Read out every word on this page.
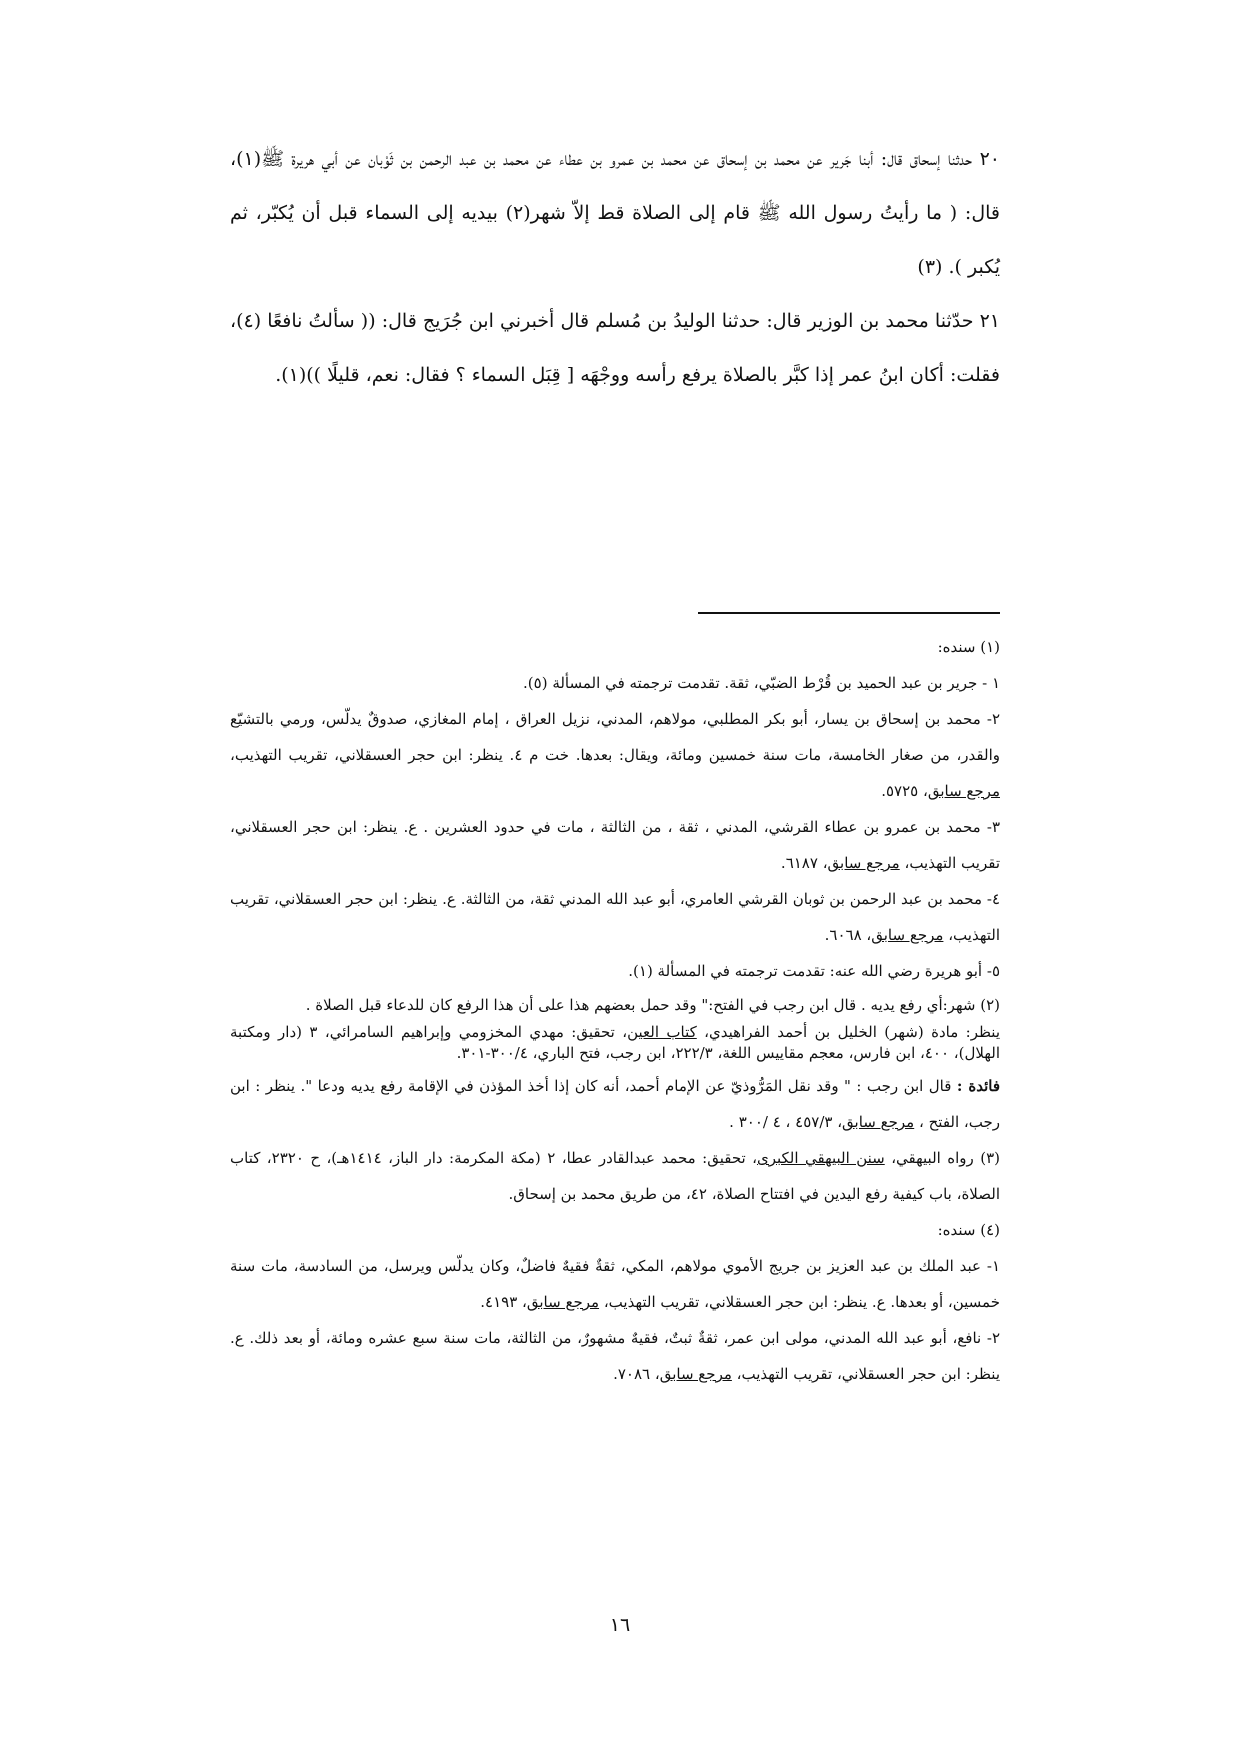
٢٠ حدثنا إسحاق قال: أبنا جَرير عن محمد بن إسحاق عن محمد بن عمرو بن عطاء عن محمد بن عبد الرحمن بن ثَوْبان عن أبي هريرة ﷺ(١)، قال: ( ما رأيتُ رسول الله ﷺ قام إلى الصلاة قط إلاّ شهر(٢) بيديه إلى السماء قبل أن يُكبّر، ثم يُكبر ). (٣)

٢١ حدّثنا محمد بن الوزير قال: حدثنا الوليدُ بن مُسلم قال أخبرني ابن جُرَيج قال: (( سألتُ نافعًا (٤)، فقلت: أكان ابنُ عمر إذا كبَّر بالصلاة يرفع رأسه ووجْهَه [ قِبَل السماء ؟ فقال: نعم، قليلًا ))(١).

(١) سنده:

١ - جرير بن عبد الحميد بن قُرْط الضبّي، ثقة. تقدمت ترجمته في المسألة (٥).

٢- محمد بن إسحاق بن يسار، أبو بكر المطلبي، مولاهم، المدني، نزيل العراق ، إمام المغازي، صدوقٌ يدلّس، ورمي بالتشيّع والقدر، من صغار الخامسة، مات سنة خمسين ومائة، ويقال: بعدها. خت م ٤. ينظر: ابن حجر العسقلاني، تقريب التهذيب، مرجع سابق، ٥٧٢٥.

٣- محمد بن عمرو بن عطاء القرشي، المدني ، ثقة ، من الثالثة ، مات في حدود العشرين . ع. ينظر: ابن حجر العسقلاني، تقريب التهذيب، مرجع سابق، ٦١٨٧.

٤- محمد بن عبد الرحمن بن ثوبان القرشي العامري، أبو عبد الله المدني ثقة، من الثالثة. ع. ينظر: ابن حجر العسقلاني، تقريب التهذيب، مرجع سابق، ٦٠٦٨.

٥- أبو هريرة رضي الله عنه: تقدمت ترجمته في المسألة (١).

(٢) شهر:أي رفع يديه . قال ابن رجب في الفتح:" وقد حمل بعضهم هذا على أن هذا الرفع كان للدعاء قبل الصلاة .

ينظر: مادة (شهر) الخليل بن أحمد الفراهيدي، كتاب العين، تحقيق: مهدي المخزومي وإبراهيم السامرائي، ٣ (دار ومكتبة الهلال)، ٤٠٠، ابن فارس، معجم مقاييس اللغة، ٢٢٢/٣، ابن رجب، فتح الباري، ٣٠٠/٤-٣٠١.

فائدة : قال ابن رجب : " وقد نقل المَرُّوذيّ عن الإمام أحمد، أنه كان إذا أخذ المؤذن في الإقامة رفع يديه ودعا ". ينظر : ابن رجب، الفتح ، مرجع سابق، ٤٥٧/٣ ، ٤ /٣٠٠ .

(٣) رواه البيهقي، سنن البيهقي الكبرى، تحقيق: محمد عبدالقادر عطا، ٢ (مكة المكرمة: دار الباز، ١٤١٤هـ)، ح ٢٣٢٠، كتاب الصلاة، باب كيفية رفع اليدين في افتتاح الصلاة، ٤٢، من طريق محمد بن إسحاق.

(٤) سنده:

١- عبد الملك بن عبد العزيز بن جريج الأموي مولاهم، المكي، ثقةٌ فقيهٌ فاضلٌ، وكان يدلّس ويرسل، من السادسة، مات سنة خمسين، أو بعدها. ع. ينظر: ابن حجر العسقلاني، تقريب التهذيب، مرجع سابق، ٤١٩٣.

٢- نافع، أبو عبد الله المدني، مولى ابن عمر، ثقةٌ ثبتٌ، فقيهٌ مشهورٌ، من الثالثة، مات سنة سبع عشره ومائة، أو بعد ذلك. ع. ينظر: ابن حجر العسقلاني، تقريب التهذيب، مرجع سابق، ٧٠٨٦.

١٦
